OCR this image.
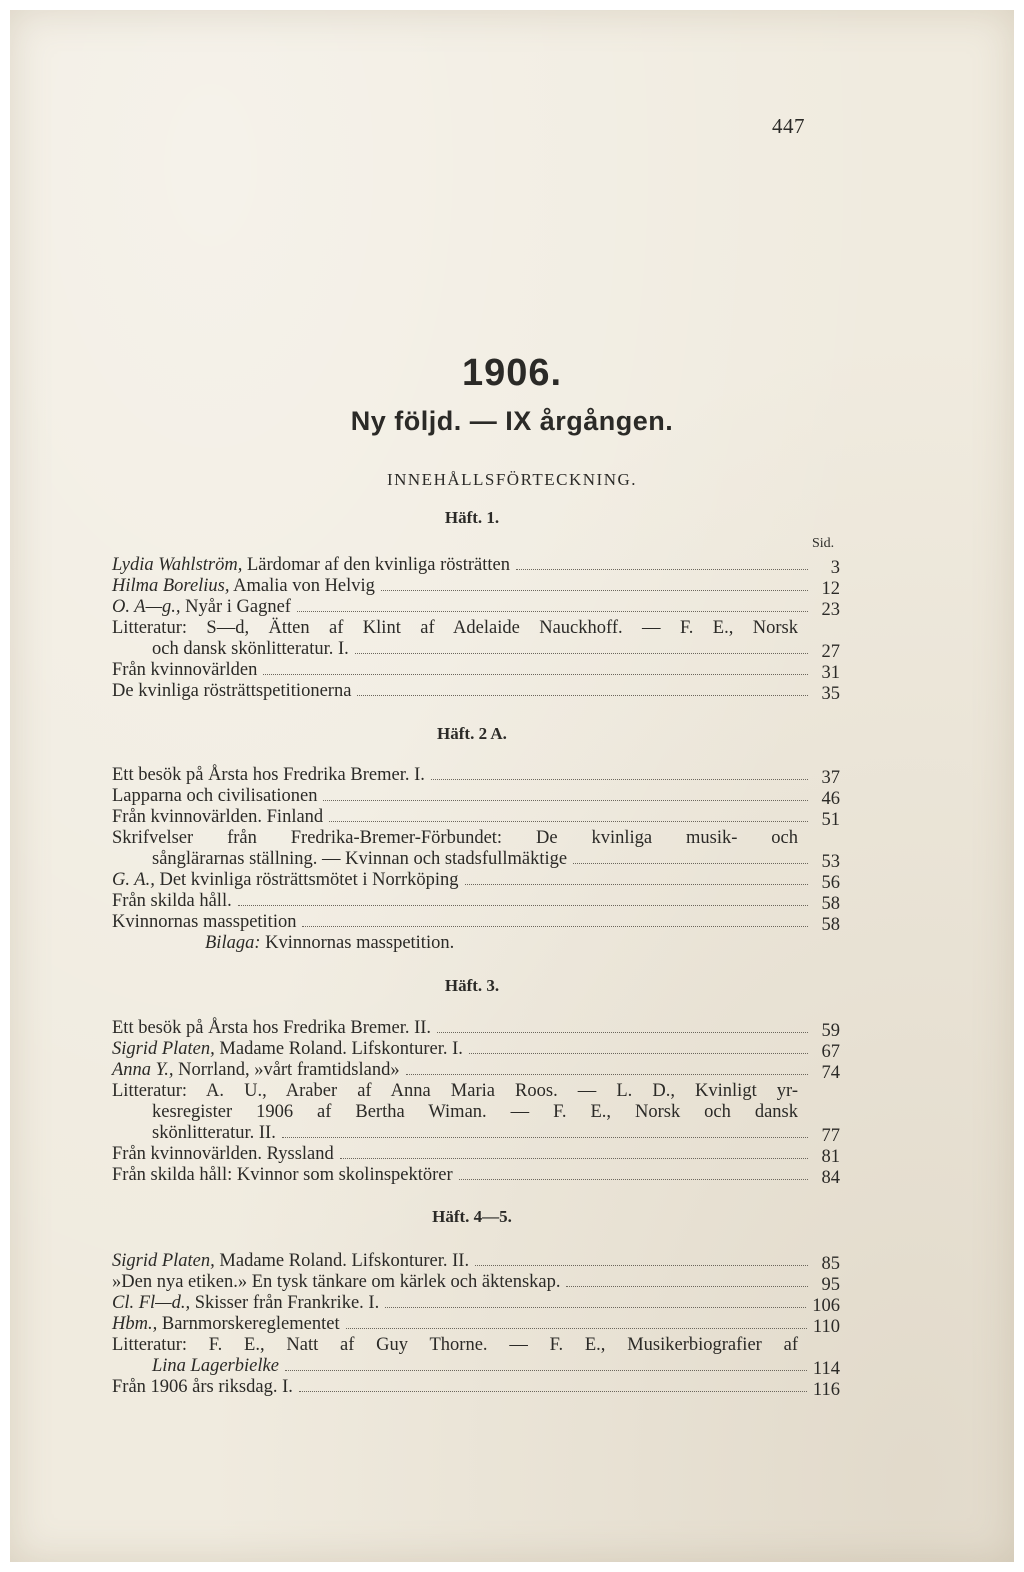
447
1906.
Ny följd. — IX årgången.
INNEHÅLLSFÖRTECKNING.
Sid.
Häft. 1.
Lydia Wahlström, Lärdomar af den kvinliga rösträtten	3
Hilma Borelius, Amalia von Helvig	12
O. A—g., Nyår i Gagnef	23
Litteratur: S—d, Ätten af Klint af Adelaide Nauckhoff. — F. E., Norsk
och dansk skönlitteratur. I.	27
Från kvinnovärlden	31
De kvinliga rösträttspetitionerna	35
Häft. 2 A.
Ett besök på Årsta hos Fredrika Bremer. I.	37
Lapparna och civilisationen	46
Från kvinnovärlden. Finland	51
Skrifvelser från Fredrika-Bremer-Förbundet: De kvinliga musik- och
sånglärarnas ställning. — Kvinnan och stadsfullmäktige	53
G. A., Det kvinliga rösträttsmötet i Norrköping	56
Från skilda håll.	58
Kvinnornas masspetition	58
Bilaga: Kvinnornas masspetition.
Häft. 3.
Ett besök på Årsta hos Fredrika Bremer. II.	59
Sigrid Platen, Madame Roland. Lifskonturer. I.	67
Anna Y., Norrland, »vårt framtidsland»	74
Litteratur: A. U., Araber af Anna Maria Roos. — L. D., Kvinligt yr-
kesregister 1906 af Bertha Wiman. — F. E., Norsk och dansk
skönlitteratur. II.	77
Från kvinnovärlden. Ryssland	81
Från skilda håll: Kvinnor som skolinspektörer	84
Häft. 4—5.
Sigrid Platen, Madame Roland. Lifskonturer. II.	85
»Den nya etiken.» En tysk tänkare om kärlek och äktenskap.	95
Cl. Fl—d., Skisser från Frankrike. I.	106
Hbm., Barnmorskereglementet	110
Litteratur: F. E., Natt af Guy Thorne. — F. E., Musikerbiografier af
Lina Lagerbielke	114
Från 1906 års riksdag. I.	116
